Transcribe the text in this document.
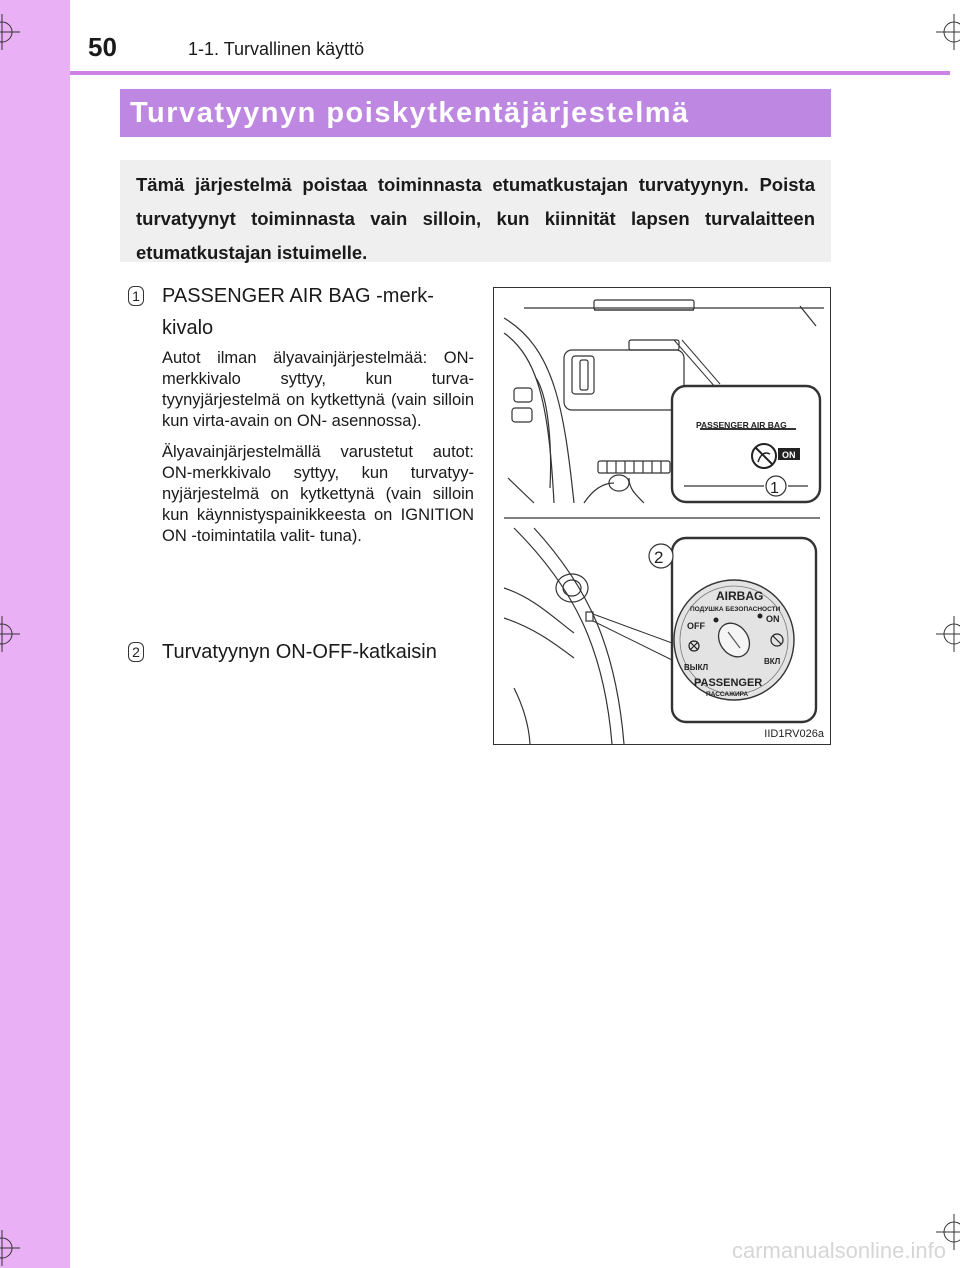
50	1-1. Turvallinen käyttö
Turvatyynyn poiskytkentäjärjestelmä
Tämä järjestelmä poistaa toiminnasta etumatkustajan turvatyynyn. Poista turvatyynyt toiminnasta vain silloin, kun kiinnität lapsen turvalaitteen etumatkustajan istuimelle.
1 PASSENGER AIR BAG -merk-
kivalo

Autot ilman älyavainjärjestelmää: ON-merkkivalo syttyy, kun turva- tyynyjärjestelmä on kytkettynä (vain silloin kun virta-avain on ON- asennossa).

Älyavainjärjestelmällä varustetut autot: ON-merkkivalo syttyy, kun turvatyy- nyjärjestelmä on kytkettynä (vain silloin kun käynnistyspainikkeesta on IGNITION ON -toimintatila valit- tuna).

2 Turvatyynyn ON-OFF-katkaisin
PASSENGER AIR BAG
ON
1
2
AIRBAG
ПОДУШКА БЕЗОПАСНОСТИ
OFF
ON
ВЫКЛ
ВКЛ
PASSENGER
ПАССАЖИРА
IID1RV026a
carmanualsonline.info
